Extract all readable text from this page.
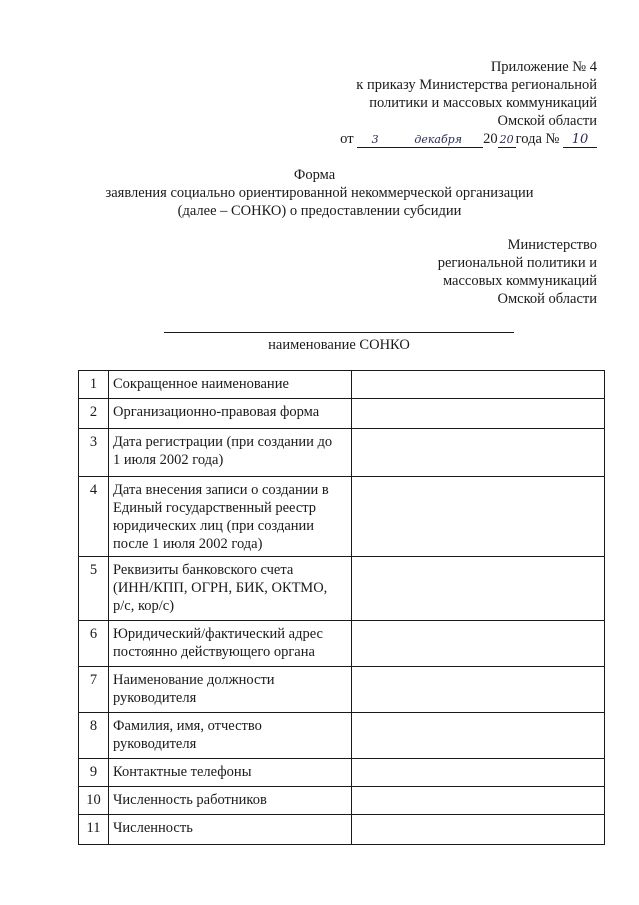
Приложение № 4
к приказу Министерства региональной
политики и массовых коммуникаций
Омской области
от 3	декабря 20 20 года № 10
Форма
заявления социально ориентированной некоммерческой организации
(далее – СОНКО) о предоставлении субсидии
Министерство
региональной политики и
массовых коммуникаций
Омской области
наименование СОНКО
1	Сокращенное наименование	

2	Организационно-правовая форма	

3	Дата регистрации (при создании до
1 июля 2002 года)	

4	Дата внесения записи о создании в
Единый государственный реестр
юридических лиц (при создании
после 1 июля 2002 года)	

5	Реквизиты банковского счета
(ИНН/КПП, ОГРН, БИК, ОКТМО,
р/с, кор/с)	

6	Юридический/фактический адрес
постоянно действующего органа	

7	Наименование должности
руководителя	

8	Фамилия, имя, отчество
руководителя	

9	Контактные телефоны	

10	Численность работников	

11	Численность	
